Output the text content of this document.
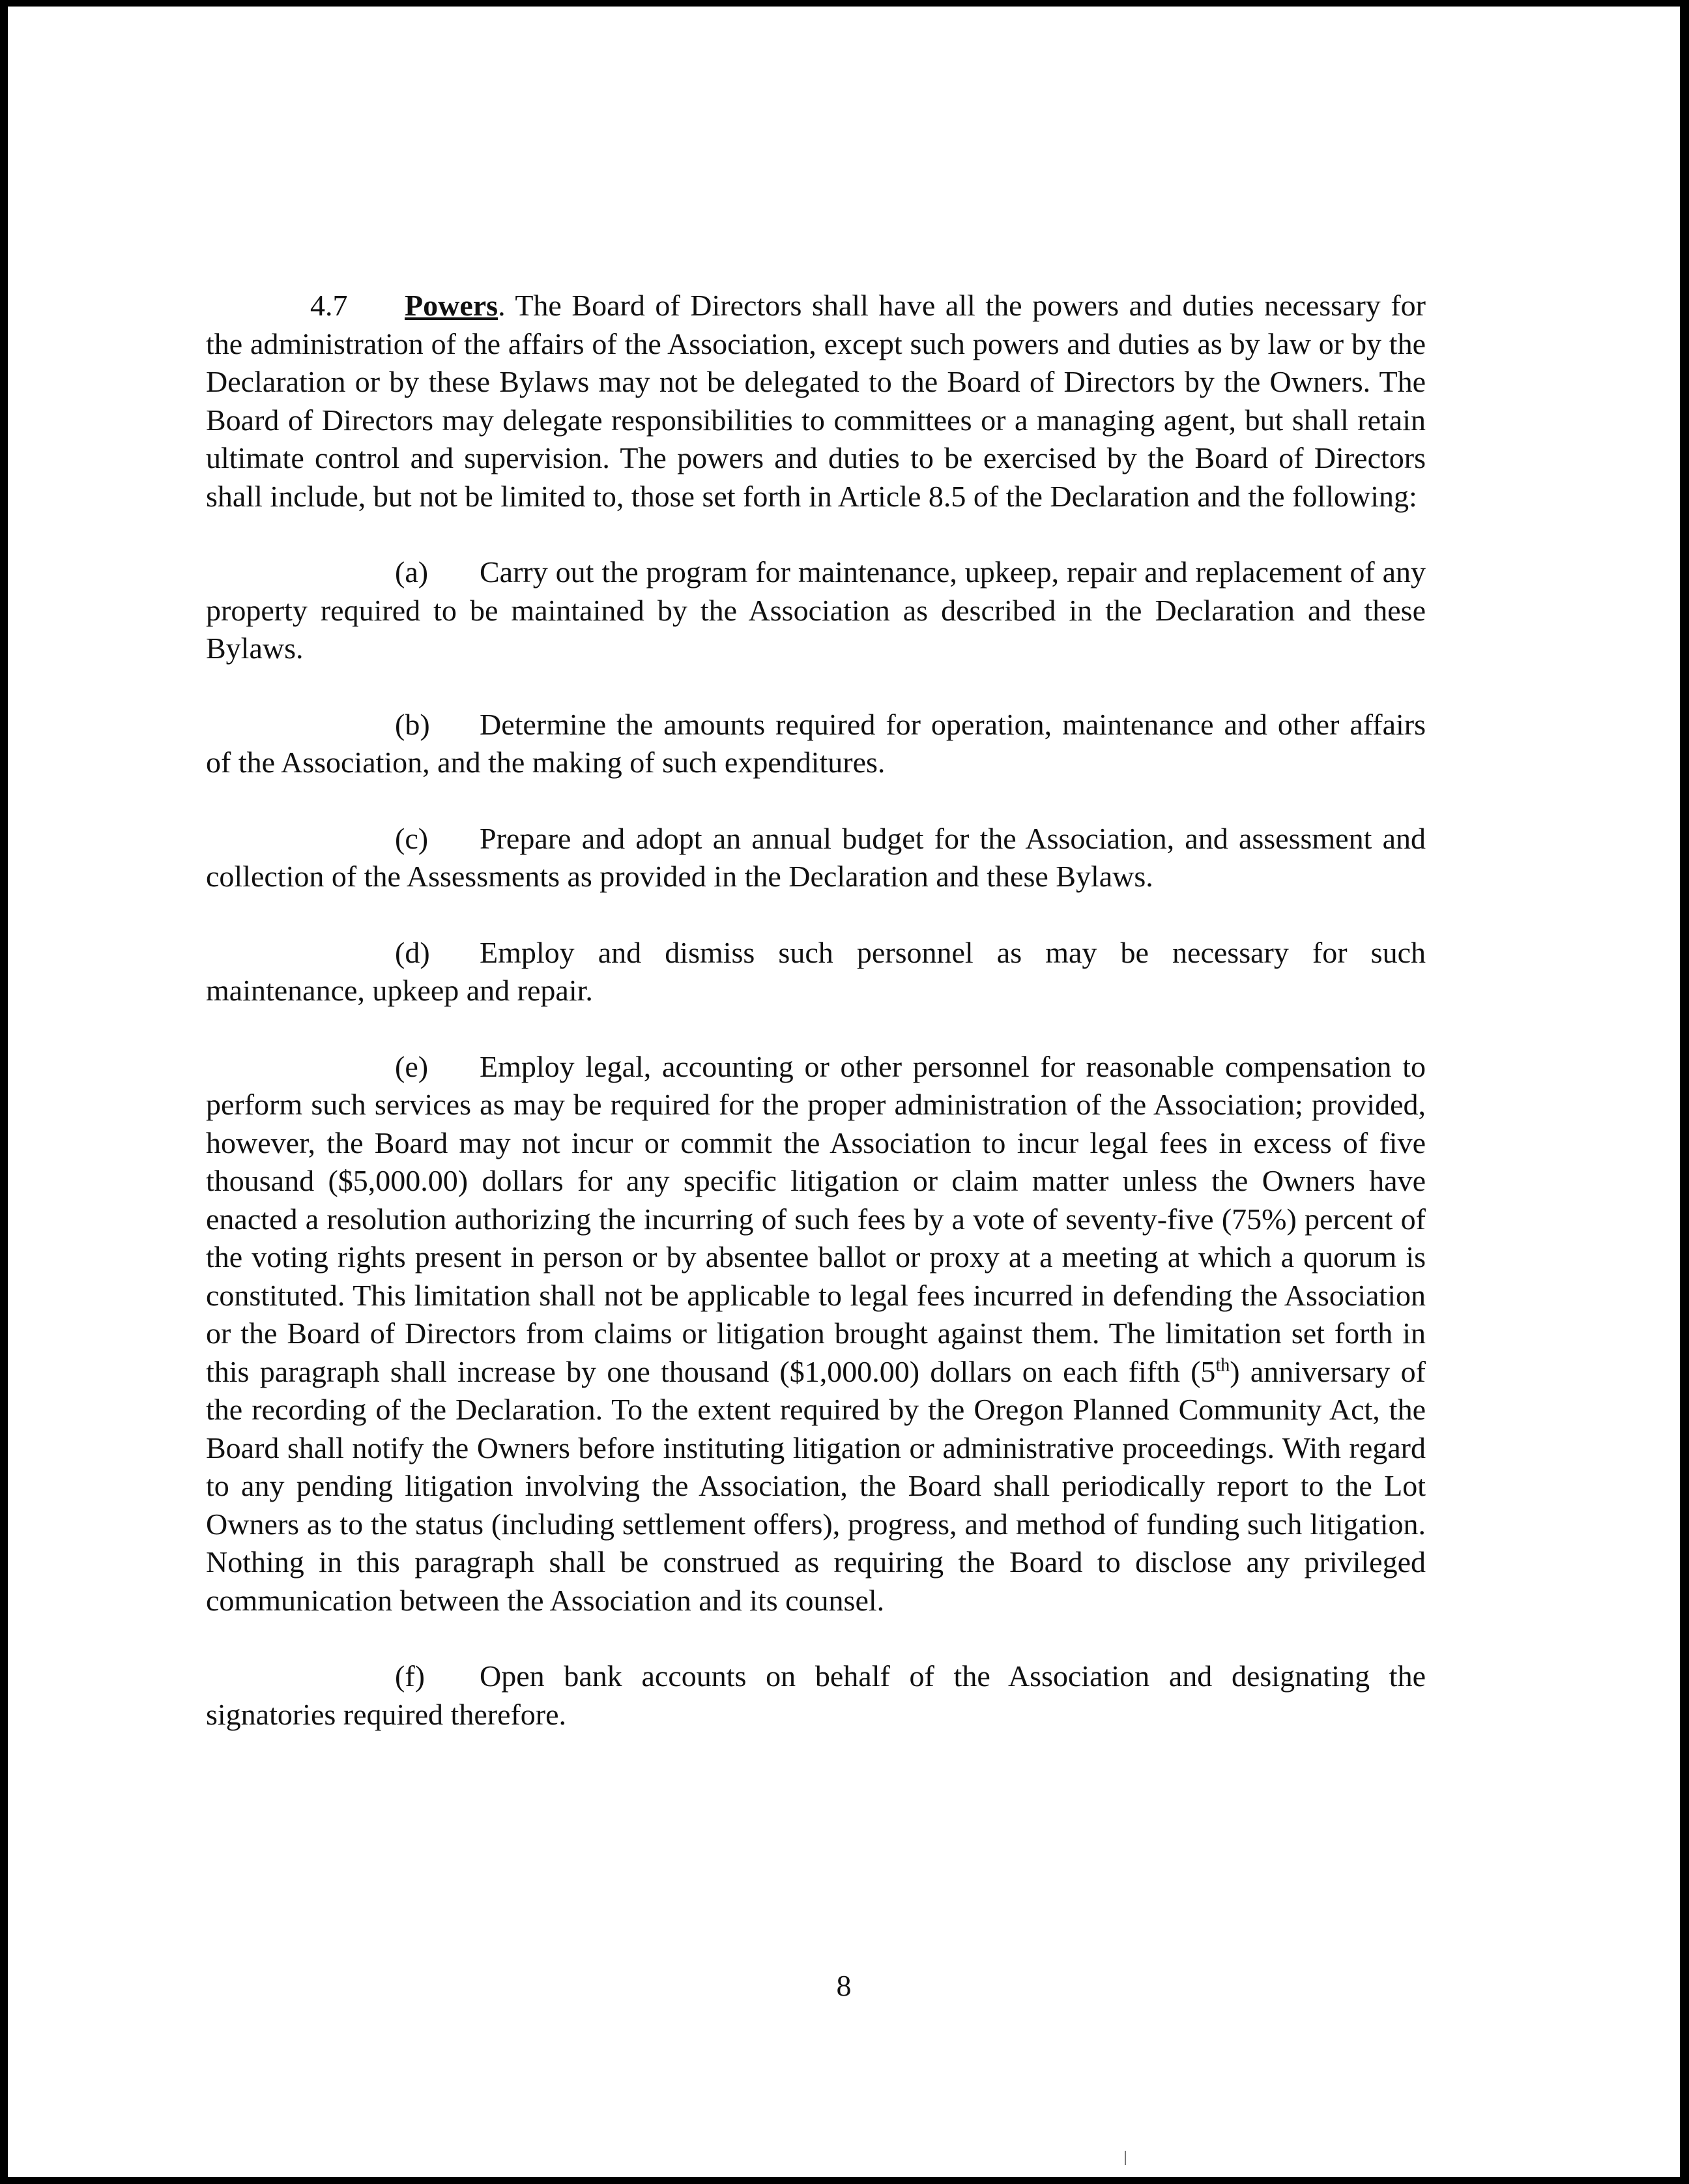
4.7 Powers. The Board of Directors shall have all the powers and duties necessary for the administration of the affairs of the Association, except such powers and duties as by law or by the Declaration or by these Bylaws may not be delegated to the Board of Directors by the Owners. The Board of Directors may delegate responsibilities to committees or a managing agent, but shall retain ultimate control and supervision. The powers and duties to be exercised by the Board of Directors shall include, but not be limited to, those set forth in Article 8.5 of the Declaration and the following:

(a) Carry out the program for maintenance, upkeep, repair and replacement of any property required to be maintained by the Association as described in the Declaration and these Bylaws.

(b) Determine the amounts required for operation, maintenance and other affairs of the Association, and the making of such expenditures.

(c) Prepare and adopt an annual budget for the Association, and assessment and collection of the Assessments as provided in the Declaration and these Bylaws.

(d) Employ and dismiss such personnel as may be necessary for such maintenance, upkeep and repair.

(e) Employ legal, accounting or other personnel for reasonable compensation to perform such services as may be required for the proper administration of the Association; provided, however, the Board may not incur or commit the Association to incur legal fees in excess of five thousand ($5,000.00) dollars for any specific litigation or claim matter unless the Owners have enacted a resolution authorizing the incurring of such fees by a vote of seventy-five (75%) percent of the voting rights present in person or by absentee ballot or proxy at a meeting at which a quorum is constituted. This limitation shall not be applicable to legal fees incurred in defending the Association or the Board of Directors from claims or litigation brought against them. The limitation set forth in this paragraph shall increase by one thousand ($1,000.00) dollars on each fifth (5th) anniversary of the recording of the Declaration. To the extent required by the Oregon Planned Community Act, the Board shall notify the Owners before instituting litigation or administrative proceedings. With regard to any pending litigation involving the Association, the Board shall periodically report to the Lot Owners as to the status (including settlement offers), progress, and method of funding such litigation. Nothing in this paragraph shall be construed as requiring the Board to disclose any privileged communication between the Association and its counsel.

(f) Open bank accounts on behalf of the Association and designating the signatories required therefore.

8
